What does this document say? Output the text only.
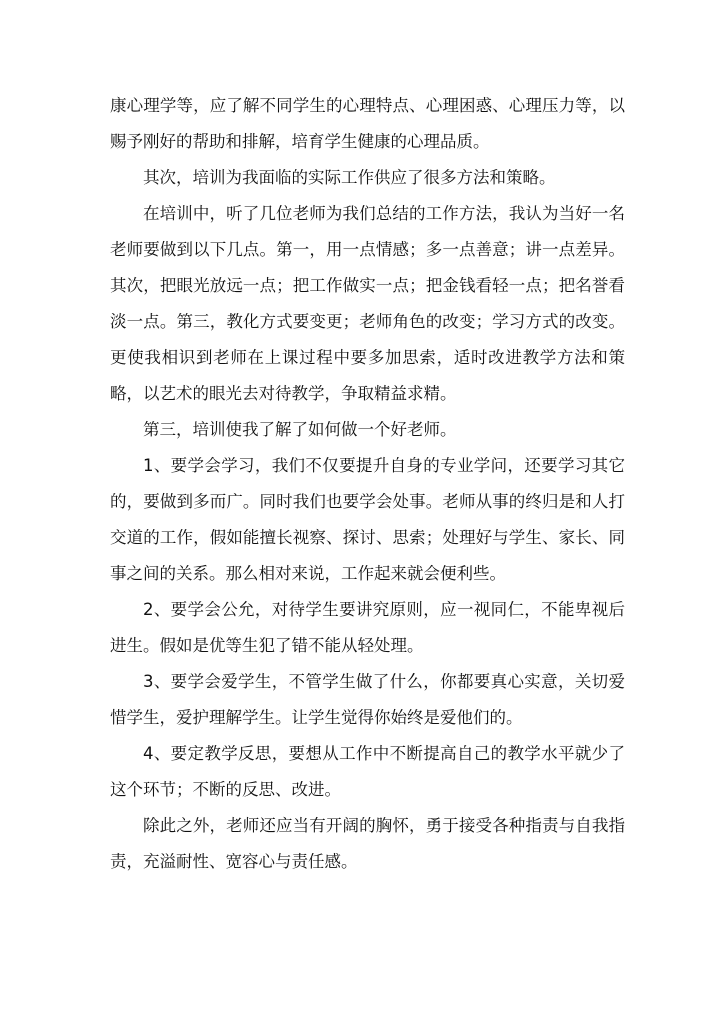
康心理学等，应了解不同学生的心理特点、心理困惑、心理压力等，以赐予刚好的帮助和排解，培育学生健康的心理品质。

其次，培训为我面临的实际工作供应了很多方法和策略。

在培训中，听了几位老师为我们总结的工作方法，我认为当好一名老师要做到以下几点。第一，用一点情感；多一点善意；讲一点差异。其次，把眼光放远一点；把工作做实一点；把金钱看轻一点；把名誉看淡一点。第三，教化方式要变更；老师角色的改变；学习方式的改变。更使我相识到老师在上课过程中要多加思索，适时改进教学方法和策略，以艺术的眼光去对待教学，争取精益求精。

第三，培训使我了解了如何做一个好老师。

1、要学会学习，我们不仅要提升自身的专业学问，还要学习其它的，要做到多而广。同时我们也要学会处事。老师从事的终归是和人打交道的工作，假如能擅长视察、探讨、思索；处理好与学生、家长、同事之间的关系。那么相对来说，工作起来就会便利些。

2、要学会公允，对待学生要讲究原则，应一视同仁，不能卑视后进生。假如是优等生犯了错不能从轻处理。

3、要学会爱学生，不管学生做了什么，你都要真心实意，关切爱惜学生，爱护理解学生。让学生觉得你始终是爱他们的。

4、要定教学反思，要想从工作中不断提高自己的教学水平就少了这个环节；不断的反思、改进。

除此之外，老师还应当有开阔的胸怀，勇于接受各种指责与自我指责，充溢耐性、宽容心与责任感。
